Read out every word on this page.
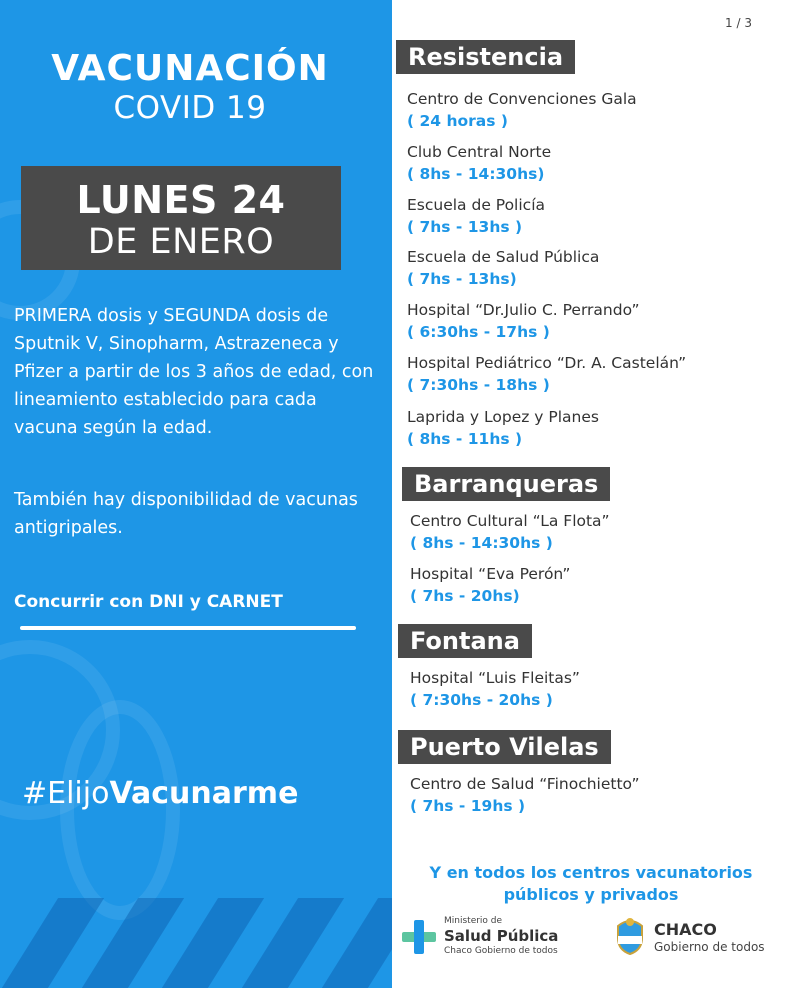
VACUNACIÓN
COVID 19
LUNES 24
DE ENERO
PRIMERA dosis y SEGUNDA dosis de Sputnik V, Sinopharm, Astrazeneca y Pfizer a partir de los 3 años de edad, con lineamiento establecido para cada vacuna según la edad.
También hay disponibilidad de vacunas antigripales.
Concurrir con DNI y CARNET
#ElijoVacunarme
1 / 3
Resistencia
Centro de Convenciones Gala
( 24 horas )
Club Central Norte
( 8hs - 14:30hs)
Escuela de Policía
( 7hs - 13hs )
Escuela de Salud Pública
( 7hs - 13hs)
Hospital “Dr.Julio C. Perrando”
( 6:30hs - 17hs )
Hospital Pediátrico “Dr. A. Castelán”
( 7:30hs - 18hs )
Laprida y Lopez y Planes
( 8hs - 11hs )
Barranqueras
Centro Cultural “La Flota”
( 8hs - 14:30hs )
Hospital “Eva Perón”
( 7hs - 20hs)
Fontana
Hospital “Luis Fleitas”
( 7:30hs - 20hs )
Puerto Vilelas
Centro de Salud “Finochietto”
( 7hs - 19hs )
Y en todos los centros vacunatorios
públicos y privados
Ministerio de
Salud Pública
Chaco Gobierno de todos
CHACO
Gobierno de todos
